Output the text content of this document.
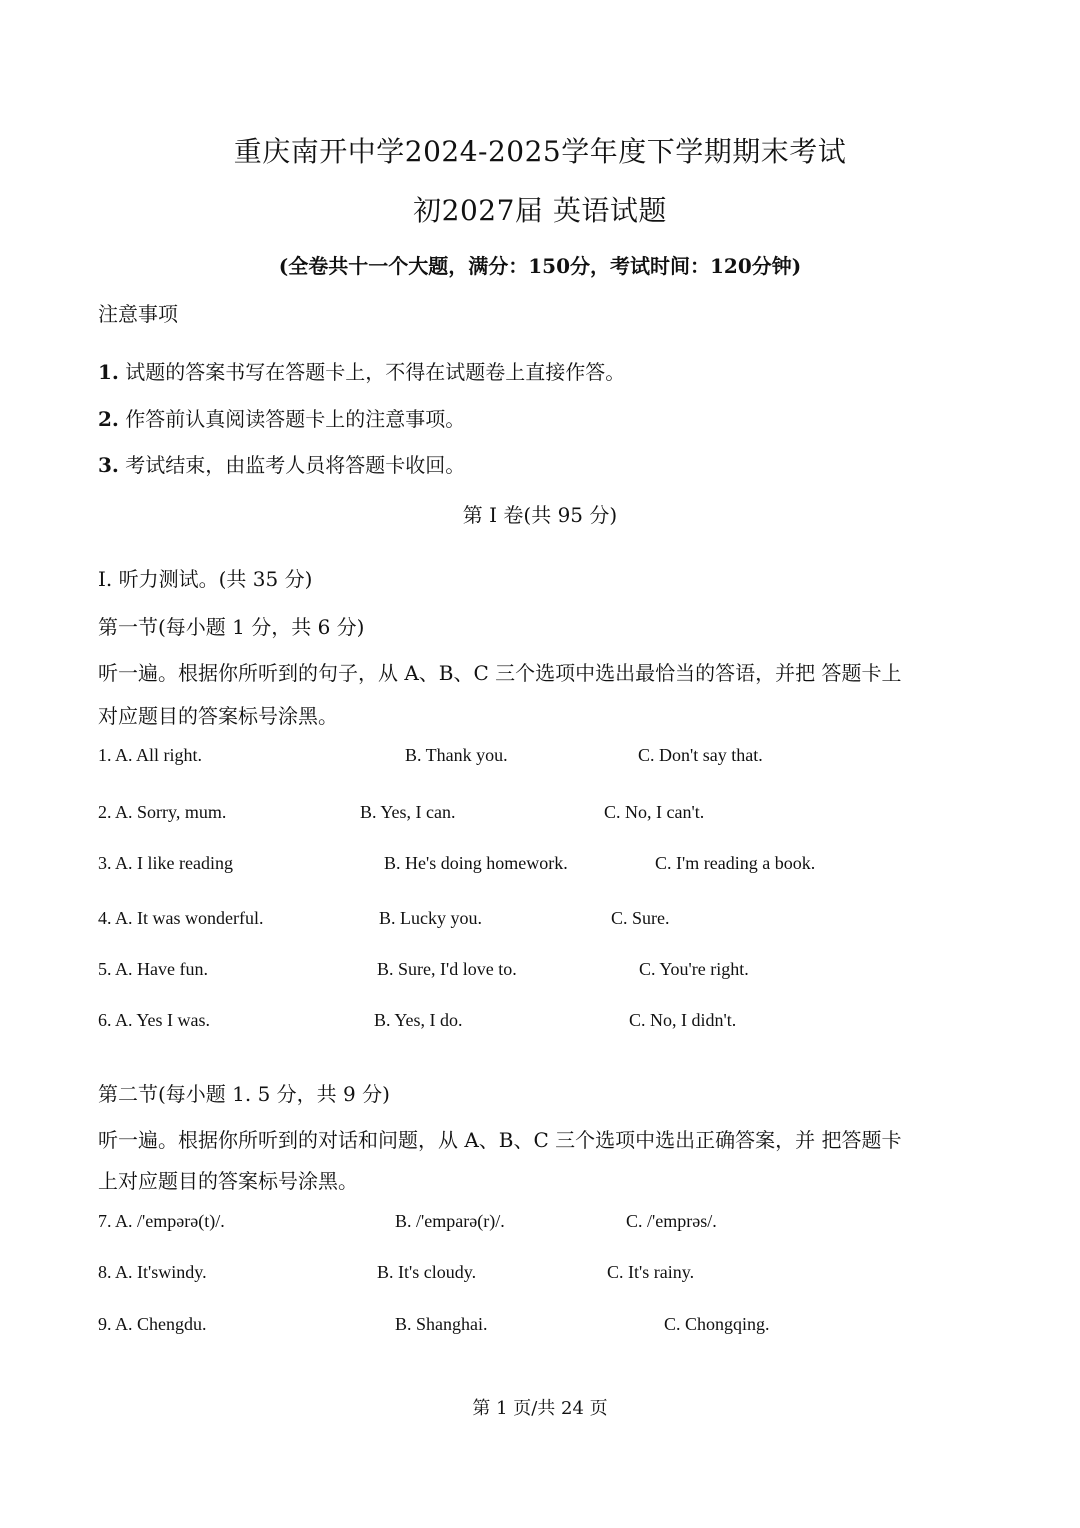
重庆南开中学2024-2025学年度下学期期末考试
初2027届 英语试题
(全卷共十一个大题，满分：150分，考试时间：120分钟)
注意事项
1. 试题的答案书写在答题卡上，不得在试题卷上直接作答。
2. 作答前认真阅读答题卡上的注意事项。
3. 考试结束，由监考人员将答题卡收回。
第 I 卷(共 95 分)
I. 听力测试。(共 35 分)
第一节(每小题 1 分，共 6 分)
听一遍。根据你所听到的句子，从 A、B、C 三个选项中选出最恰当的答语，并把 答题卡上
对应题目的答案标号涂黑。
1. A. All right.	B. Thank you.	C. Don't say that.
2. A. Sorry, mum.	B. Yes, I can.	C. No, I can't.
3. A. I like reading	B. He's doing homework.	C. I'm reading a book.
4. A. It was wonderful.	B. Lucky you.	C. Sure.
5. A. Have fun.	B. Sure, I'd love to.	C. You're right.
6. A. Yes I was.	B. Yes, I do.	C. No, I didn't.
第二节(每小题 1. 5 分，共 9 分)
听一遍。根据你所听到的对话和问题，从 A、B、C 三个选项中选出正确答案，并 把答题卡
上对应题目的答案标号涂黑。
7. A. /'empərə(t)/.	B. /'emparə(r)/.	C. /'emprəs/.
8. A. It'swindy.	B. It's cloudy.	C. It's rainy.
9. A. Chengdu.	B. Shanghai.	C. Chongqing.
第 1 页/共 24 页
